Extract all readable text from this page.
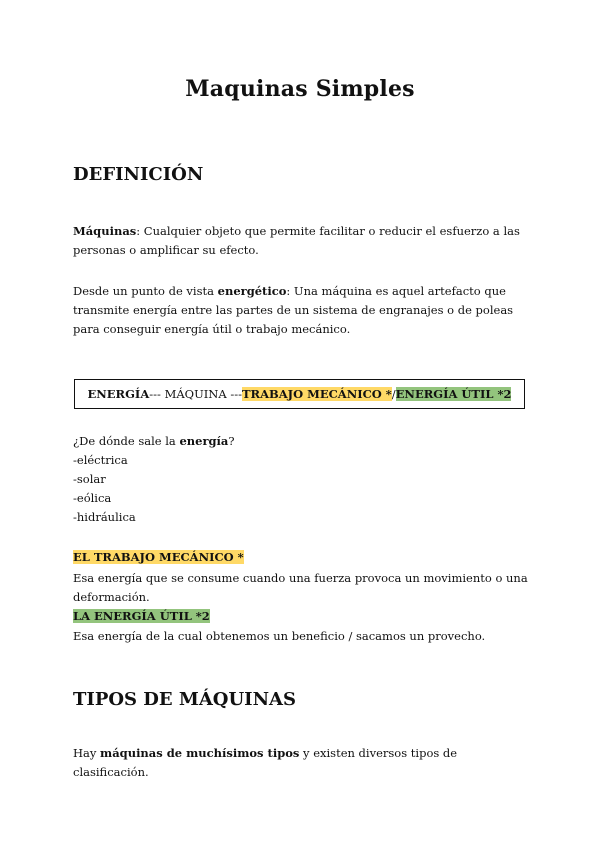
Maquinas Simples
DEFINICIÓN
Máquinas: Cualquier objeto que permite facilitar o reducir el esfuerzo a las personas o amplificar su efecto.
Desde un punto de vista energético: Una máquina es aquel artefacto que transmite energía entre las partes de un sistema de engranajes o de poleas para conseguir energía útil o trabajo mecánico.
ENERGÍA --- MÁQUINA --- TRABAJO MECÁNICO * / ENERGÍA ÚTIL *2
¿De dónde sale la energía?
-eléctrica
-solar
-eólica
-hidráulica
EL TRABAJO MECÁNICO *
Esa energía que se consume cuando una fuerza provoca un movimiento o una deformación.
LA ENERGÍA ÚTIL *2
Esa energía de la cual obtenemos un beneficio / sacamos un provecho.
TIPOS DE MÁQUINAS
Hay máquinas de muchísimos tipos y existen diversos tipos de clasificación.
